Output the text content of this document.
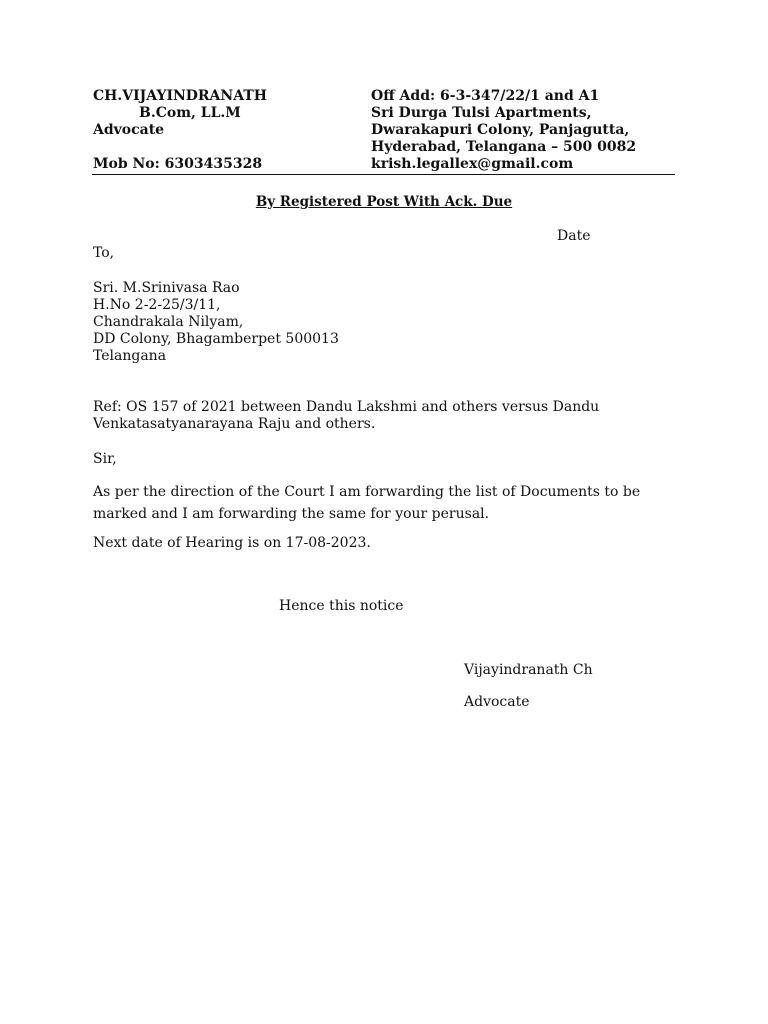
CH.VIJAYINDRANATH
B.Com, LL.M
Advocate
Mob No: 6303435328
Off Add: 6-3-347/22/1 and A1
Sri Durga Tulsi Apartments,
Dwarakapuri Colony, Panjagutta,
Hyderabad, Telangana – 500 0082
krish.legallex@gmail.com
By Registered Post With Ack. Due
Date
To,
Sri. M.Srinivasa Rao
H.No 2-2-25/3/11,
Chandrakala Nilyam,
DD Colony, Bhagamberpet 500013
Telangana
Ref: OS 157 of 2021 between Dandu Lakshmi and others versus Dandu
Venkatasatyanarayana Raju and others.
Sir,
As per the direction of the Court I am forwarding the list of Documents to be
marked and I am forwarding the same for your perusal.
Next date of Hearing is on 17-08-2023.
Hence this notice
Vijayindranath Ch
Advocate
